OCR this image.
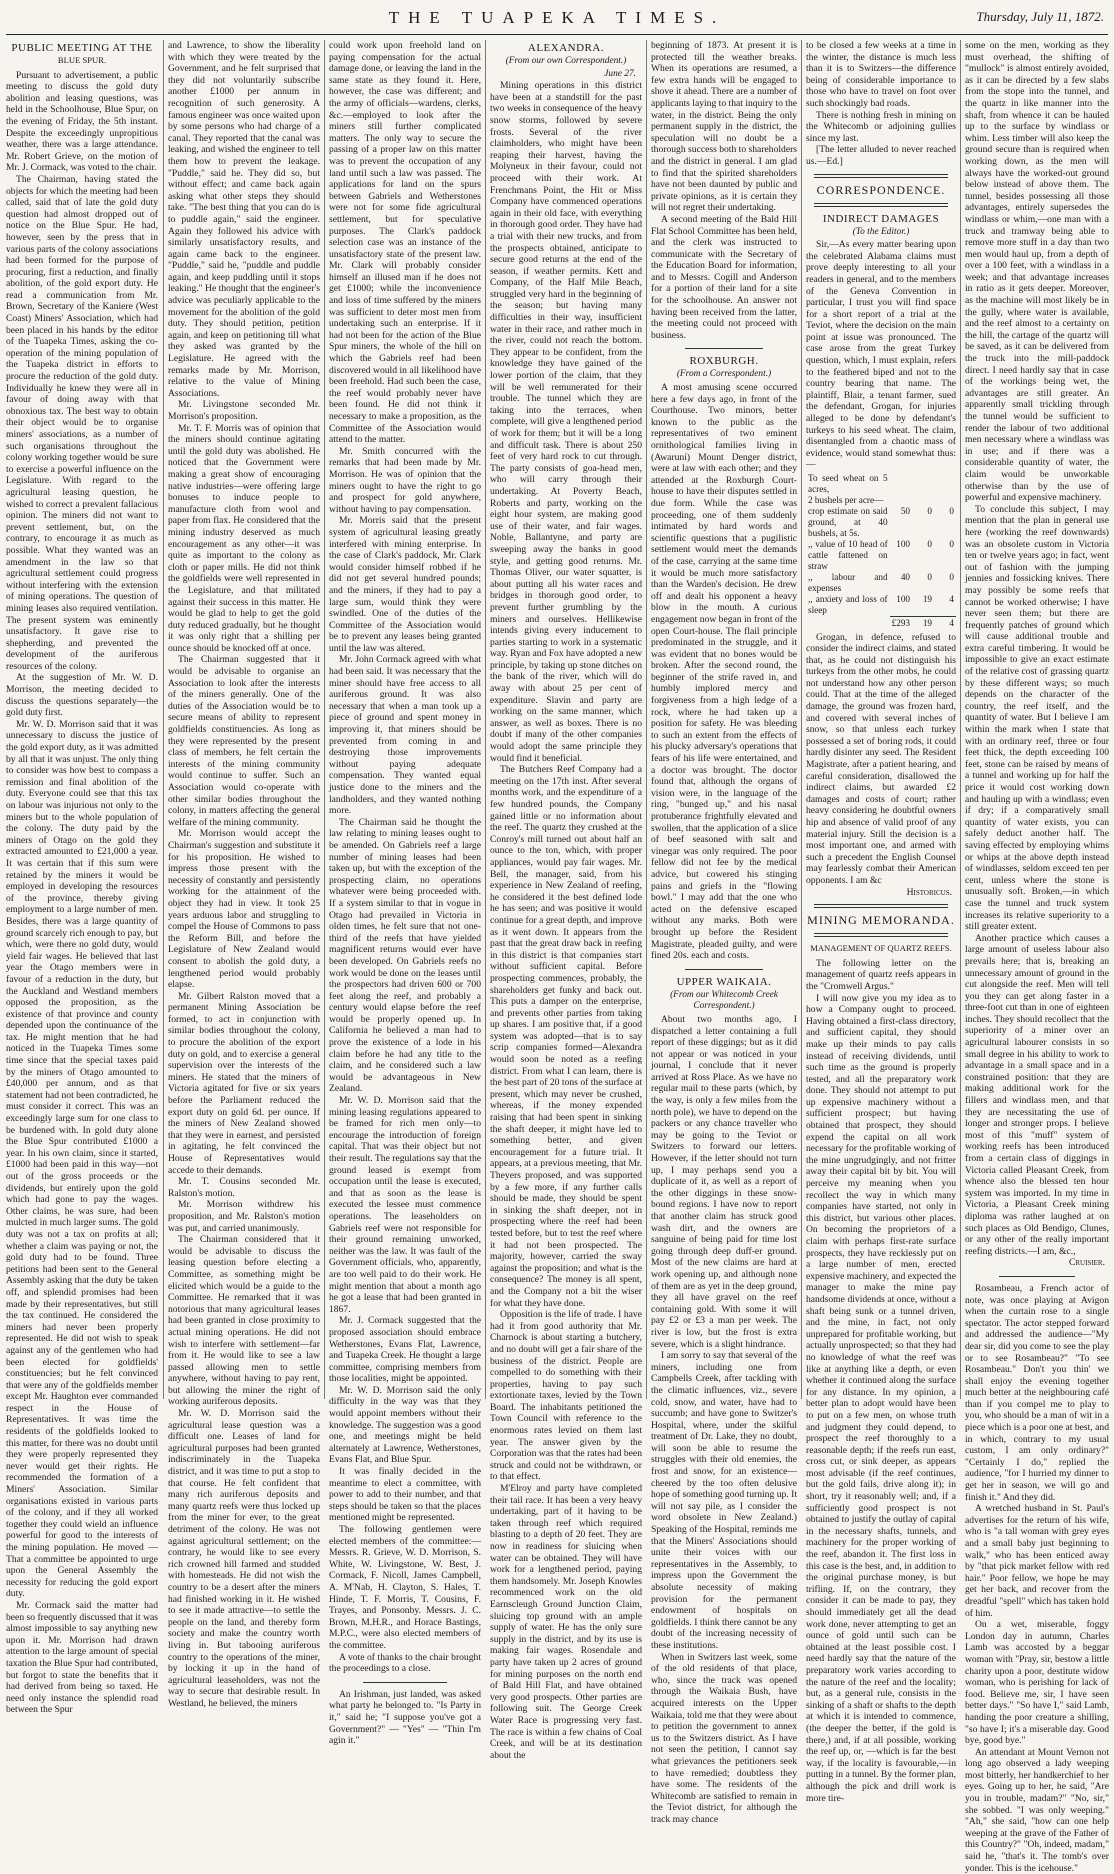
THE TUAPEKA TIMES.	Thursday, July 11, 1872.
PUBLIC MEETING AT THE
BLUE SPUR.

Pursuant to advertisement, a public meeting to discuss the gold duty abolition and leasing questions, was held in the Schoolhouse, Blue Spur, on the evening of Friday, the 5th instant. Despite the exceedingly unpropitious weather, there was a large attendance. Mr. Robert Grieve, on the motion of Mr. J. Cormack, was voted to the chair.

The Chairman, having stated the objects for which the meeting had been called, said that of late the gold duty question had almost dropped out of notice on the Blue Spur. He had, however, seen by the press that in various parts of the colony associations had been formed for the purpose of procuring, first a reduction, and finally abolition, of the gold export duty. He read a communication from Mr. Brown, Secretary of the Kaniere (West Coast) Miners' Association, which had been placed in his hands by the editor of the Tuapeka Times, asking the co-operation of the mining population of the Tuapeka district in efforts to procure the reduction of the gold duty. Individually he knew they were all in favour of doing away with that obnoxious tax. The best way to obtain their object would be to organise miners' associations, as a number of such organisations throughout the colony working together would be sure to exercise a powerful influence on the Legislature. With regard to the agricultural leasing question, he wished to correct a prevalent fallacious opinion. The miners did not want to prevent settlement, but, on the contrary, to encourage it as much as possible. What they wanted was an amendment in the law so that agricultural settlement could progress without interfering with the extension of mining operations. The question of mining leases also required ventilation. The present system was eminently unsatisfactory. It gave rise to shepherding, and prevented the development of the auriferous resources of the colony.

At the suggestion of Mr. W. D. Morrison, the meeting decided to discuss the questions separately—the gold duty first.

Mr. W. D. Morrison said that it was unnecessary to discuss the justice of the gold export duty, as it was admitted by all that it was unjust. The only thing to consider was how best to compass a remission and final abolition of the duty. Everyone could see that this tax on labour was injurious not only to the miners but to the whole population of the colony. The duty paid by the miners of Otago on the gold they extracted amounted to £21,000 a year. It was certain that if this sum were retained by the miners it would be employed in developing the resources of the province, thereby giving employment to a large number of men. Besides, there was a large quantity of ground scarcely rich enough to pay, but which, were there no gold duty, would yield fair wages. He believed that last year the Otago members were in favour of a reduction in the duty, but the Auckland and Westland members opposed the proposition, as the existence of that province and county depended upon the continuance of the tax. He might mention that he had noticed in the Tuapeka Times some time since that the special taxes paid by the miners of Otago amounted to £40,000 per annum, and as that statement had not been contradicted, he must consider it correct. This was an exceedingly large sum for one class to be burdened with. In gold duty alone the Blue Spur contributed £1000 a year. In his own claim, since it started, £1000 had been paid in this way—not out of the gross proceeds or the dividends, but entirely upon the gold which had gone to pay the wages. Other claims, he was sure, had been mulcted in much larger sums. The gold duty was not a tax on profits at all; whether a claim was paying or not, the gold duty had to be found. Three petitions had been sent to the General Assembly asking that the duty be taken off, and splendid promises had been made by their representatives, but still the tax continued. He considered the miners had never been properly represented. He did not wish to speak against any of the gentlemen who had been elected for goldfields' constituencies; but he felt convinced that were any of the goldfields member except Mr. Haughton ever commanded respect in the House of Representatives. It was time the residents of the goldfields looked to this matter, for there was no doubt until they were properly represented they never would get their rights. He recommended the formation of a Miners' Association. Similar organisations existed in various parts of the colony, and if they all worked together they could wield an influence powerful for good to the interests of the mining population. He moved — That a committee be appointed to urge upon the General Assembly the necessity for reducing the gold export duty.

Mr. Cormack said the matter had been so frequently discussed that it was almost impossible to say anything new upon it. Mr. Morrison had drawn attention to the large amount of special taxation the Blue Spur had contributed, but forgot to state the benefits that it had derived from being so taxed. He need only instance the splendid road between the Spur

and Lawrence, to show the liberality with which they were treated by the Government, and he felt surprised that they did not voluntarily subscribe another £1000 per annum in recognition of such generosity. A famous engineer was once waited upon by some persons who had charge of a canal. They reported that the canal was leaking, and wished the engineer to tell them how to prevent the leakage. "Puddle," said he. They did so, but without effect; and came back again asking what other steps they should take. "The best thing that you can do is to puddle again," said the engineer. Again they followed his advice with similarly unsatisfactory results, and again came back to the engineer. "Puddle," said he, "puddle and puddle again, and keep puddling until it stops leaking." He thought that the engineer's advice was peculiarly applicable to the movement for the abolition of the gold duty. They should petition, petition again, and keep on petitioning till what they asked was granted by the Legislature. He agreed with the remarks made by Mr. Morrison, relative to the value of Mining Associations.

Mr. Livingstone seconded Mr. Morrison's proposition.

Mr. T. F. Morris was of opinion that the miners should continue agitating until the gold duty was abolished. He noticed that the Government were making a great show of encouraging native industries—were offering large bonuses to induce people to manufacture cloth from wool and paper from flax. He considered that the mining industry deserved as much encouragement as any other—it was quite as important to the colony as cloth or paper mills. He did not think the goldfields were well represented in the Legislature, and that militated against their success in this matter. He would be glad to help to get the gold duty reduced gradually, but he thought it was only right that a shilling per ounce should be knocked off at once.

The Chairman suggested that it would be advisable to organise an Association to look after the interests of the miners generally. One of the duties of the Association would be to secure means of ability to represent goldfields constituencies. As long as they were represented by the present class of members, he felt certain the interests of the mining community would continue to suffer. Such an Association would co-operate with other similar bodies throughout the colony, in matters affecting the general welfare of the mining community.

Mr. Morrison would accept the Chairman's suggestion and substitute it for his proposition. He wished to impress those present with the necessity of constantly and persistently working for the attainment of the object they had in view. It took 25 years arduous labor and struggling to compel the House of Commons to pass the Reform Bill, and before the Legislature of New Zealand would consent to abolish the gold duty, a lengthened period would probably elapse.

Mr. Gilbert Ralston moved that a permanent Mining Association be formed, to act in conjunction with similar bodies throughout the colony, to procure the abolition of the export duty on gold, and to exercise a general supervision over the interests of the miners. He stated that the miners of Victoria agitated for five or six years before the Parliament reduced the export duty on gold 6d. per ounce. If the miners of New Zealand showed that they were in earnest, and persisted in agitating, he felt convinced the House of Representatives would accede to their demands.

Mr. T. Cousins seconded Mr. Ralston's motion.

Mr. Morrison withdrew his proposition, and Mr. Ralston's motion was put, and carried unanimously.

The Chairman considered that it would be advisable to discuss the leasing question before electing a Committee, as something might be elicited which would be a guide to the Committee. He remarked that it was notorious that many agricultural leases had been granted in close proximity to actual mining operations. He did not wish to interfere with settlement—far from it. He would like to see a law passed allowing men to settle anywhere, without having to pay rent, but allowing the miner the right of working auriferous deposits.

Mr. W. D. Morrison said the agricultural lease question was a difficult one. Leases of land for agricultural purposes had been granted indiscriminately in the Tuapeka district, and it was time to put a stop to that course. He felt confident that many rich auriferous deposits and many quartz reefs were thus locked up from the miner for ever, to the great detriment of the colony. He was not against agricultural settlement; on the contrary, he would like to see every rich crowned hill farmed and studded with homesteads. He did not wish the country to be a desert after the miners had finished working in it. He wished to see it made attractive—to settle the people on the land, and thereby form society and make the country worth living in. But tabooing auriferous country to the operations of the miner, by locking it up in the hand of agricultural leaseholders, was not the way to secure that desirable result. In Westland, he believed, the miners

could work upon freehold land on paying compensation for the actual damage done, or leaving the land in the same state as they found it. Here, however, the case was different; and the army of officials—wardens, clerks, &c.—employed to look after the miners still further complicated matters. The only way to secure the passing of a proper law on this matter was to prevent the occupation of any land until such a law was passed. The applications for land on the spurs between Gabriels and Wetherstones were not for some fide agricultural settlement, but for speculative purposes. The Clark's paddock selection case was an instance of the unsatisfactory state of the present law. Mr. Clark will probably consider himself an illused man if he does not get £1000; while the inconvenience and loss of time suffered by the miners was sufficient to deter most men from undertaking such an enterprise. If it had not been for the action of the Blue Spur miners, the whole of the hill on which the Gabriels reef had been discovered would in all likelihood have been freehold. Had such been the case, the reef would probably never have been found. He did not think it necessary to make a proposition, as the Committee of the Association would attend to the matter.

Mr. Smith concurred with the remarks that had been made by Mr. Morrison. He was of opinion that the miners ought to have the right to go and prospect for gold anywhere, without having to pay compensation.

Mr. Morris said that the present system of agricultural leasing greatly interfered with mining enterprise. In the case of Clark's paddock, Mr. Clark would consider himself robbed if he did not get several hundred pounds; and the miners, if they had to pay a large sum, would think they were swindled. One of the duties of the Committee of the Association would be to prevent any leases being granted until the law was altered.

Mr. John Cormack agreed with what had been said. It was necessary that the miner should have free access to all auriferous ground. It was also necessary that when a man took up a piece of ground and spent money in improving it, that miners should be prevented from coming in and destroying those improvements without paying adequate compensation. They wanted equal justice done to the miners and the landholders, and they wanted nothing more.

The Chairman said he thought the law relating to mining leases ought to be amended. On Gabriels reef a large number of mining leases had been taken up, but with the exception of the prospecting claim, no operations whatever were being proceeded with. If a system similar to that in vogue in Otago had prevailed in Victoria in olden times, he felt sure that not one-third of the reefs that have yielded magnificent returns would ever have been developed. On Gabriels reefs no work would be done on the leases until the prospectors had driven 600 or 700 feet along the reef, and probably a century would elapse before the reef would be properly opened up. In California he believed a man had to prove the existence of a lode in his claim before he had any title to the claim, and he considered such a law would be advantageous in New Zealand.

Mr. W. D. Morrison said that the mining leasing regulations appeared to be framed for rich men only—to encourage the introduction of foreign capital. That was their object but not their result. The regulations say that the ground leased is exempt from occupation until the lease is executed, and that as soon as the lease is executed the lessee must commence operations. The leaseholders on Gabriels reef were not responsible for their ground remaining unworked, neither was the law. It was fault of the Government officials, who, apparently, are too well paid to do their work. He might mention that about a month ago he got a lease that had been granted in 1867.

Mr. J. Cormack suggested that the proposed association should embrace Wetherstones, Evans Flat, Lawrence, and Tuapeka Creek. He thought a large committee, comprising members from those localities, might be appointed.

Mr. W. D. Morrison said the only difficulty in the way was that they would appoint members without their knowledge. The suggestion was a good one, and meetings might be held alternately at Lawrence, Wetherstones, Evans Flat, and Blue Spur.

It was finally decided in the meantime to elect a committee, with power to add to their number, and that steps should be taken so that the places mentioned might be represented.

The following gentlemen were elected members of the committee:—Messrs. R. Grieve, W. D. Morrison, S. White, W. Livingstone, W. Best, J. Cormack, F. Nicoll, James Campbell, A. M'Nab, H. Clayton, S. Hales, T. Hinde, T. F. Morris, T. Cousins, F. Trayes, and Ponsonby. Messrs. J. C. Brown, M.H.R., and Horace Bastings, M.P.C., were also elected members of the committee.

A vote of thanks to the chair brought the proceedings to a close.

An Irishman, just landed, was asked what party he belonged to. "Is Party in it," said he; "I suppose you've got a Government?" — "Yes" — "Thin I'm agin it."

ALEXANDRA.
(From our own Correspondent.)
June 27.

Mining operations in this district have been at a standstill for the past two weeks in consequence of the heavy snow storms, followed by severe frosts. Several of the river claimholders, who might have been reaping their harvest, having the Molyneux in their favour, could not proceed with their work. At Frenchmans Point, the Hit or Miss Company have commenced operations again in their old face, with everything in thorough good order. They have had a trial with their new trucks, and from the prospects obtained, anticipate to secure good returns at the end of the season, if weather permits. Kett and Company, of the Half Mile Beach, struggled very hard in the beginning of the season; but having many difficulties in their way, insufficient water in their race, and rather much in the river, could not reach the bottom. They appear to be confident, from the knowledge they have gained of the lower portion of the claim, that they will be well remunerated for their trouble. The tunnel which they are taking into the terraces, when complete, will give a lengthened period of work for them; but it will be a long and difficult task. There is about 250 feet of very hard rock to cut through. The party consists of goa-head men, who will carry through their undertaking. At Poverty Beach, Roberts and party, working on the eight hour system, are making good use of their water, and fair wages. Noble, Ballantyne, and party are sweeping away the banks in good style, and getting good returns. Mr. Thomas Oliver, our water squatter, is about putting all his water races and bridges in thorough good order, to prevent further grumbling by the miners and ourselves. Hellikewise intends giving every inducement to parties starting to work in a systematic way. Ryan and Fox have adopted a new principle, by taking up stone ditches on the bank of the river, which will do away with about 25 per cent of expenditure. Slavin and party are working on the same manner, which answer, as well as boxes. There is no doubt if many of the other companies would adopt the same principle they would find it beneficial.

The Butchers Reef Company had a meeting on the 17th inst. After several months work, and the expenditure of a few hundred pounds, the Company gained little or no information about the reef. The quartz they crushed at the Conroy's mill turned out about half an ounce to the ton, which, with proper appliances, would pay fair wages. Mr. Bell, the manager, said, from his experience in New Zealand of reefing, he considered it the best defined lode he has seen; and was positive it would continue for a great depth, and improve as it went down. It appears from the past that the great draw back in reefing in this district is that companies start without sufficient capital. Before prospecting commences, probably, the shareholders get funky and back out. This puts a damper on the enterprise, and prevents other parties from taking up shares. I am positive that, if a good system was adopted—that is to say scrip companies formed—Alexandra would soon be noted as a reefing district. From what I can learn, there is the best part of 20 tons of the surface at present, which may never be crushed, whereas, if the money expended raising that had been spent in sinking the shaft deeper, it might have led to something better, and given encouragement for a future trial. It appears, at a previous meeting, that Mr. Theyers proposed, and was supported by a few more, if any further calls should be made, they should be spent in sinking the shaft deeper, not in prospecting where the reef had been tested before, but to test the reef where it had not been prospected. The majority, however, carried the sway against the proposition; and what is the consequence? The money is all spent, and the Company not a bit the wiser for what they have done.

Opposition is the life of trade. I have had it from good authority that Mr. Charnock is about starting a butchery, and no doubt will get a fair share of the business of the district. People are compelled to do something with their properties, having to pay such extortionate taxes, levied by the Town Board. The inhabitants petitioned the Town Council with reference to the enormous rates levied on them last year. The answer given by the Corporation was that the rates had been struck and could not be withdrawn, or to that effect.

M'Elroy and party have completed their tail race. It has been a very heavy undertaking, part of it having to be taken through reef which required blasting to a depth of 20 feet. They are now in readiness for sluicing when water can be obtained. They will have work for a lengthened period, paying them handsomely. Mr. Joseph Knowles recommenced work on the old Earnscleugh Ground Junction Claim, sluicing top ground with an ample supply of water. He has the only sure supply in the district, and by its use is making fair wages. Rosendale and party have taken up 2 acres of ground for mining purposes on the north end of Bald Hill Flat, and have obtained very good prospects. Other parties are following suit. The George Creek Water Race is progressing very fast. The race is within a few chains of Coal Creek, and will be at its destination about the

beginning of 1873. At present it is protected till the weather breaks. When its operations are resumed, a few extra hands will be engaged to shove it ahead. There are a number of applicants laying to that inquiry to the water, in the district. Being the only permanent supply in the district, the speculation will no doubt be a thorough success both to shareholders and the district in general. I am glad to find that the spirited shareholders have not been daunted by public and private opinions, as it is certain they will not regret their undertaking.

A second meeting of the Bald Hill Flat School Committee has been held, and the clerk was instructed to communicate with the Secretary of the Education Board for information, and to Messrs. Cogill and Anderson for a portion of their land for a site for the schoolhouse. An answer not having been received from the latter, the meeting could not proceed with business.

ROXBURGH.
(From a Correspondent.)

A most amusing scene occurred here a few days ago, in front of the Courthouse. Two minors, better known to the public as the representatives of two eminent ornithological families living in (Awaruni) Mount Denger district, were at law with each other; and they attended at the Roxburgh Court-house to have their disputes settled in due form. While the case was proceeding, one of them suddenly intimated by hard words and scientific questions that a pugilistic settlement would meet the demands of the case, carrying at the same time it would be much more satisfactory than the Warden's decision. He drew off and dealt his opponent a heavy blow in the mouth. A curious engagement now began in front of the open Court-house. The flail principle predominated in the struggle, and it was evident that no bones would be broken. After the second round, the beginner of the strife raved in, and humbly implored mercy and forgiveness from a high ledge of a rock, where he had taken up a position for safety. He was bleeding to such an extent from the effects of his plucky adversary's operations that fears of his life were entertained, and a doctor was brought. The doctor found that, although the organs of vision were, in the language of the ring, "bunged up," and his nasal protuberance frightfully elevated and swollen, that the application of a slice of beef seasoned with salt and vinegar was only required. The poor fellow did not fee by the medical advice, but cowered his stinging pains and griefs in the "flowing bowl." I may add that the one who acted on the defensive escaped without any marks. Both were brought up before the Resident Magistrate, pleaded guilty, and were fined 20s. each and costs.

UPPER WAIKAIA.
(From our Whitecomb Creek Correspondent.)

About two months ago, I dispatched a letter containing a full report of these diggings; but as it did not appear or was noticed in your journal, I conclude that it never arrived at Ross Place. As we have no regular mail to these parts (which, by the way, is only a few miles from the north pole), we have to depend on the packers or any chance traveller who may be going to the Teviot or Switzers to forward our letters. However, if the letter should not turn up, I may perhaps send you a duplicate of it, as well as a report of the other diggings in these snow-bound regions. I have now to report that another claim has struck good wash dirt, and the owners are sanguine of being paid for time lost going through deep duff-er ground. Most of the new claims are hard at work opening up, and although none of them are as yet in the deep ground, they all have gravel on the reef containing gold. With some it will pay £2 or £3 a man per week. The river is low, but the frost is extra severe, which is a slight hindrance.

I am sorry to say that several of the miners, including one from Campbells Creek, after tackling with the climatic influences, viz., severe cold, snow, and water, have had to succumb; and have gone to Switzer's Hospital, where, under the skilful treatment of Dr. Lake, they no doubt, will soon be able to resume the struggles with their old enemies, the frost and snow, for an existence—cheered by the too often delusive hope of something good turning up. It will not say pile, as I consider the word obsolete in New Zealand.) Speaking of the Hospital, reminds me that the Miners' Associations should unite their voices with our representatives in the Assembly, to impress upon the Government the absolute necessity of making provision for the permanent endowment of hospitals on goldfields. I think there cannot be any doubt of the increasing necessity of these institutions.

When in Switzers last week, some of the old residents of that place, who, since the track was opened through the Waikaia Bush, have acquired interests on the Upper Waikaia, told me that they were about to petition the government to annex us to the Switzers district. As I have not seen the petition, I cannot say what grievances the petitioners seek to have remedied; doubtless they have some. The residents of the Whitecomb are satisfied to remain in the Teviot district, for although the track may chance

to be closed a few weeks at a time in the winter, the distance is much less than it is to Switzers—the difference being of considerable importance to those who have to travel on foot over such shockingly bad roads.

There is nothing fresh in mining on the Whitecomb or adjoining gullies since my last.

[The letter alluded to never reached us.—Ed.]

CORRESPONDENCE.
INDIRECT DAMAGES
(To the Editor.)

Sir,—As every matter bearing upon the celebrated Alabama claims must prove deeply interesting to all your readers in general, and to the members of the Geneva Convention in particular, I trust you will find space for a short report of a trial at the Teviot, where the decision on the main point at issue was pronounced. The case arose from the great Turkey question, which, I must explain, refers to the feathered biped and not to the country bearing that name. The plaintiff, Blair, a tenant farmer, sued the defendant, Grogan, for injuries alleged to be done by defendant's turkeys to his seed wheat. The claim, disentangled from a chaotic mass of evidence, would stand somewhat thus:—

To seed wheat on 5 acres,			
2 bushels per acre—			
crop estimate on said ground, at 40 bushels, at 5s.	50	0	0
,, value of 10 head of cattle fattened on straw	100	0	0
,, labour and expenses	40	0	0
,, anxiety and loss of sleep	100	19	4
	£293	19	4

Grogan, in defence, refused to consider the indirect claims, and stated that, as he could not distinguish his turkeys from the other mobs, he could not understand how any other person could. That at the time of the alleged damage, the ground was frozen hard, and covered with several inches of snow, so that unless each turkey possessed a set of boring rods, it could hardly disinter any seed. The Resident Magistrate, after a patient hearing, and careful consideration, disallowed the indirect claims, but awarded £2 damages and costs of court; rather heavy considering he doubtful owners hip and absence of valid proof of any material injury. Still the decision is a most important one, and armed with such a precedent the English Counsel may fearlessly combat their American opponents. I am &c

Historicus.
MINING MEMORANDA.
MANAGEMENT OF QUARTZ REEFS.

The following letter on the management of quartz reefs appears in the "Cromwell Argus."

I will now give you my idea as to how a Company ought to proceed. Having obtained a first-class directory, and sufficient capital, they should make up their minds to pay calls instead of receiving dividends, until such time as the ground is properly tested, and all the preparatory work done. They should not attempt to put up expensive machinery without a sufficient prospect; but having obtained that prospect, they should expend the capital on all work necessary for the profitable working of the mine ungrudgingly, and not fritter away their capital bit by bit. You will perceive my meaning when you recollect the way in which many companies have started, not only in this district, but various other places. On becoming the proprietors of a claim with perhaps first-rate surface prospects, they have recklessly put on a large number of men, erected expensive machinery, and expected the manager to make the mine pay handsome dividends at once, without a shaft being sunk or a tunnel driven, and the mine, in fact, not only unprepared for profitable working, but actually unprospected; so that they had no knowledge of what the reef was like at anything like a depth, or even whether it continued along the surface for any distance. In my opinion, a better plan to adopt would have been to put on a few men, on whose truth and judgment they could depend, to prospect the reef thoroughly to a reasonable depth; if the reefs run east, cross cut, or sink deeper, as appears most advisable (if the reef continues, but the gold fails, drive along it); in short, try it reasonably well; and, if a sufficiently good prospect is not obtained to justify the outlay of capital in the necessary shafts, tunnels, and machinery for the proper working of the reef, abandon it. The first loss in this case is the best, and, in addition to the original purchase money, is but trifling. If, on the contrary, they consider it can be made to pay, they should immediately get all the dead work done, never attempting to get an ounce of gold until such can be obtained at the least possible cost. I need hardly say that the nature of the preparatory work varies according to the nature of the reef and the locality; but, as a general rule, consists in the sinking of a shaft or shafts to the depth at which it is intended to commence, (the deeper the better, if the gold is there,) and, if at all possible, working the reef up, or, —which is far the best way, if the locality is favourable,—in putting in a tunnel. By the former plan, although the pick and drill work is more tire-

some on the men, working as they must overhead, the shifting of "mullock" is almost entirely avoided, as it can be directed by a few slabs from the stope into the tunnel, and the quartz in like manner into the shaft, from whence it can be hauled up to the surface by windlass or whim. Less timber will also keep the ground secure than is required when working down, as the men will always have the worked-out ground below instead of above them. The tunnel, besides possessing all those advantages, entirely supersedes the windlass or whim,—one man with a truck and tramway being able to remove more stuff in a day than two men would haul up, from a depth of over a 100 feet, with a windlass in a week; and that advantage increases in ratio as it gets deeper. Moreover, as the machine will most likely be in the gully, where water is available, and the reef almost to a certainty on the hill, the cartage of the quartz will be saved, as it can be delivered from the truck into the mill-paddock direct. I need hardly say that in case of the workings being wet, the advantages are still greater. An apparently small trickling through the tunnel would be sufficient to render the labour of two additional men necessary where a windlass was in use; and if there was a considerable quantity of water, the claim would be unworkable otherwise than by the use of powerful and expensive machinery.

To conclude this subject, I may mention that the plan in general use here (working the reef downwards) was an obsolete custom in Victoria ten or twelve years ago; in fact, went out of fashion with the jumping jennies and fossicking knives. There may possibly be some reefs that cannot be worked otherwise; I have never seen them; but there are frequently patches of ground which will cause additional trouble and extra careful timbering. It would be impossible to give an exact estimate of the relative cost of grassing quartz by these different ways; so much depends on the character of the country, the reef itself, and the quantity of water. But I believe I am within the mark when I state that with an ordinary reef, three or four feet thick, the depth exceeding 100 feet, stone can be raised by means of a tunnel and working up for half the price it would cost working down and hauling up with a windlass; even if dry; if a comparatively small quantity of water exists, you can safely deduct another half. The saving effected by employing whims or whips at the above depth instead of windlasses, seldom exceed ten per cent, unless where the stone is unusually soft. Broken,—in which case the tunnel and truck system increases its relative superiority to a still greater extent.

Another practice which causes a large amount of useless labour also prevails here; that is, breaking an unnecessary amount of ground in the cut alongside the reef. Men will tell you they can get along faster in a three-foot cut than in one of eighteen inches. They should recollect that the superiority of a miner over an agricultural labourer consists in so small degree in his ability to work to advantage in a small space and in a constrained position: that they are making additional work for the fillers and windlass men, and that they are necessitating the use of longer and stronger props. I believe most of this "muff" system of working reefs has been introduced from a certain class of diggings in Victoria called Pleasant Creek, from whence also the blessed ten hour system was imported. In my time in Victoria, a Pleasant Creek mining diploma was rather laughed at on such places as Old Bendigo, Clunes, or any other of the really important reefing districts.—I am, &c.,

Cruisier.

Rosambeau, a French actor of note, was once playing at Avigon when the curtain rose to a single spectator. The actor stepped forward and addressed the audience—"My dear sir, did you come to see the play or to see Rosambeau?" "To see Rosambeau." Don't you thin' we shall enjoy the evening together much better at the neighbouring café than if you compel me to play to you, who should be a man of wit in a piece which is a poor one at best, and in which, contrary to my usual custom, I am only ordinary?" "Certainly I do," replied the audience, "for I hurried my dinner to get her in season, we will go and finish it." And they did.

A wretched husband in St. Paul's advertises for the return of his wife, who is "a tall woman with grey eyes and a small baby just beginning to walk," who has been enticed away by "that pick market fellow with red hair." Poor fellow, we hope he may get her back, and recover from the dreadful "spell" which has taken hold of him.

On a wet, miserable, foggy London day in autumn, Charles Lamb was accosted by a beggar woman with "Pray, sir, bestow a little charity upon a poor, destitute widow woman, who is perishing for lack of food. Believe me, sir, I have seen better days." "So have I," said Lamb, handing the poor creature a shilling, "so have I; it's a miserable day. Good bye, good bye."

An attendant at Mount Vernon not long ago observed a lady weeping most bitterly, her handkerchief to her eyes. Going up to her, he said, "Are you in trouble, madam?" "No, sir," she sobbed. "I was only weeping." "Ah," she said, "how can one help weeping at the grave of the Father of this Country?" "Oh, indeed, madam," said he, "that's it. The tomb's over yonder. This is the icehouse."
